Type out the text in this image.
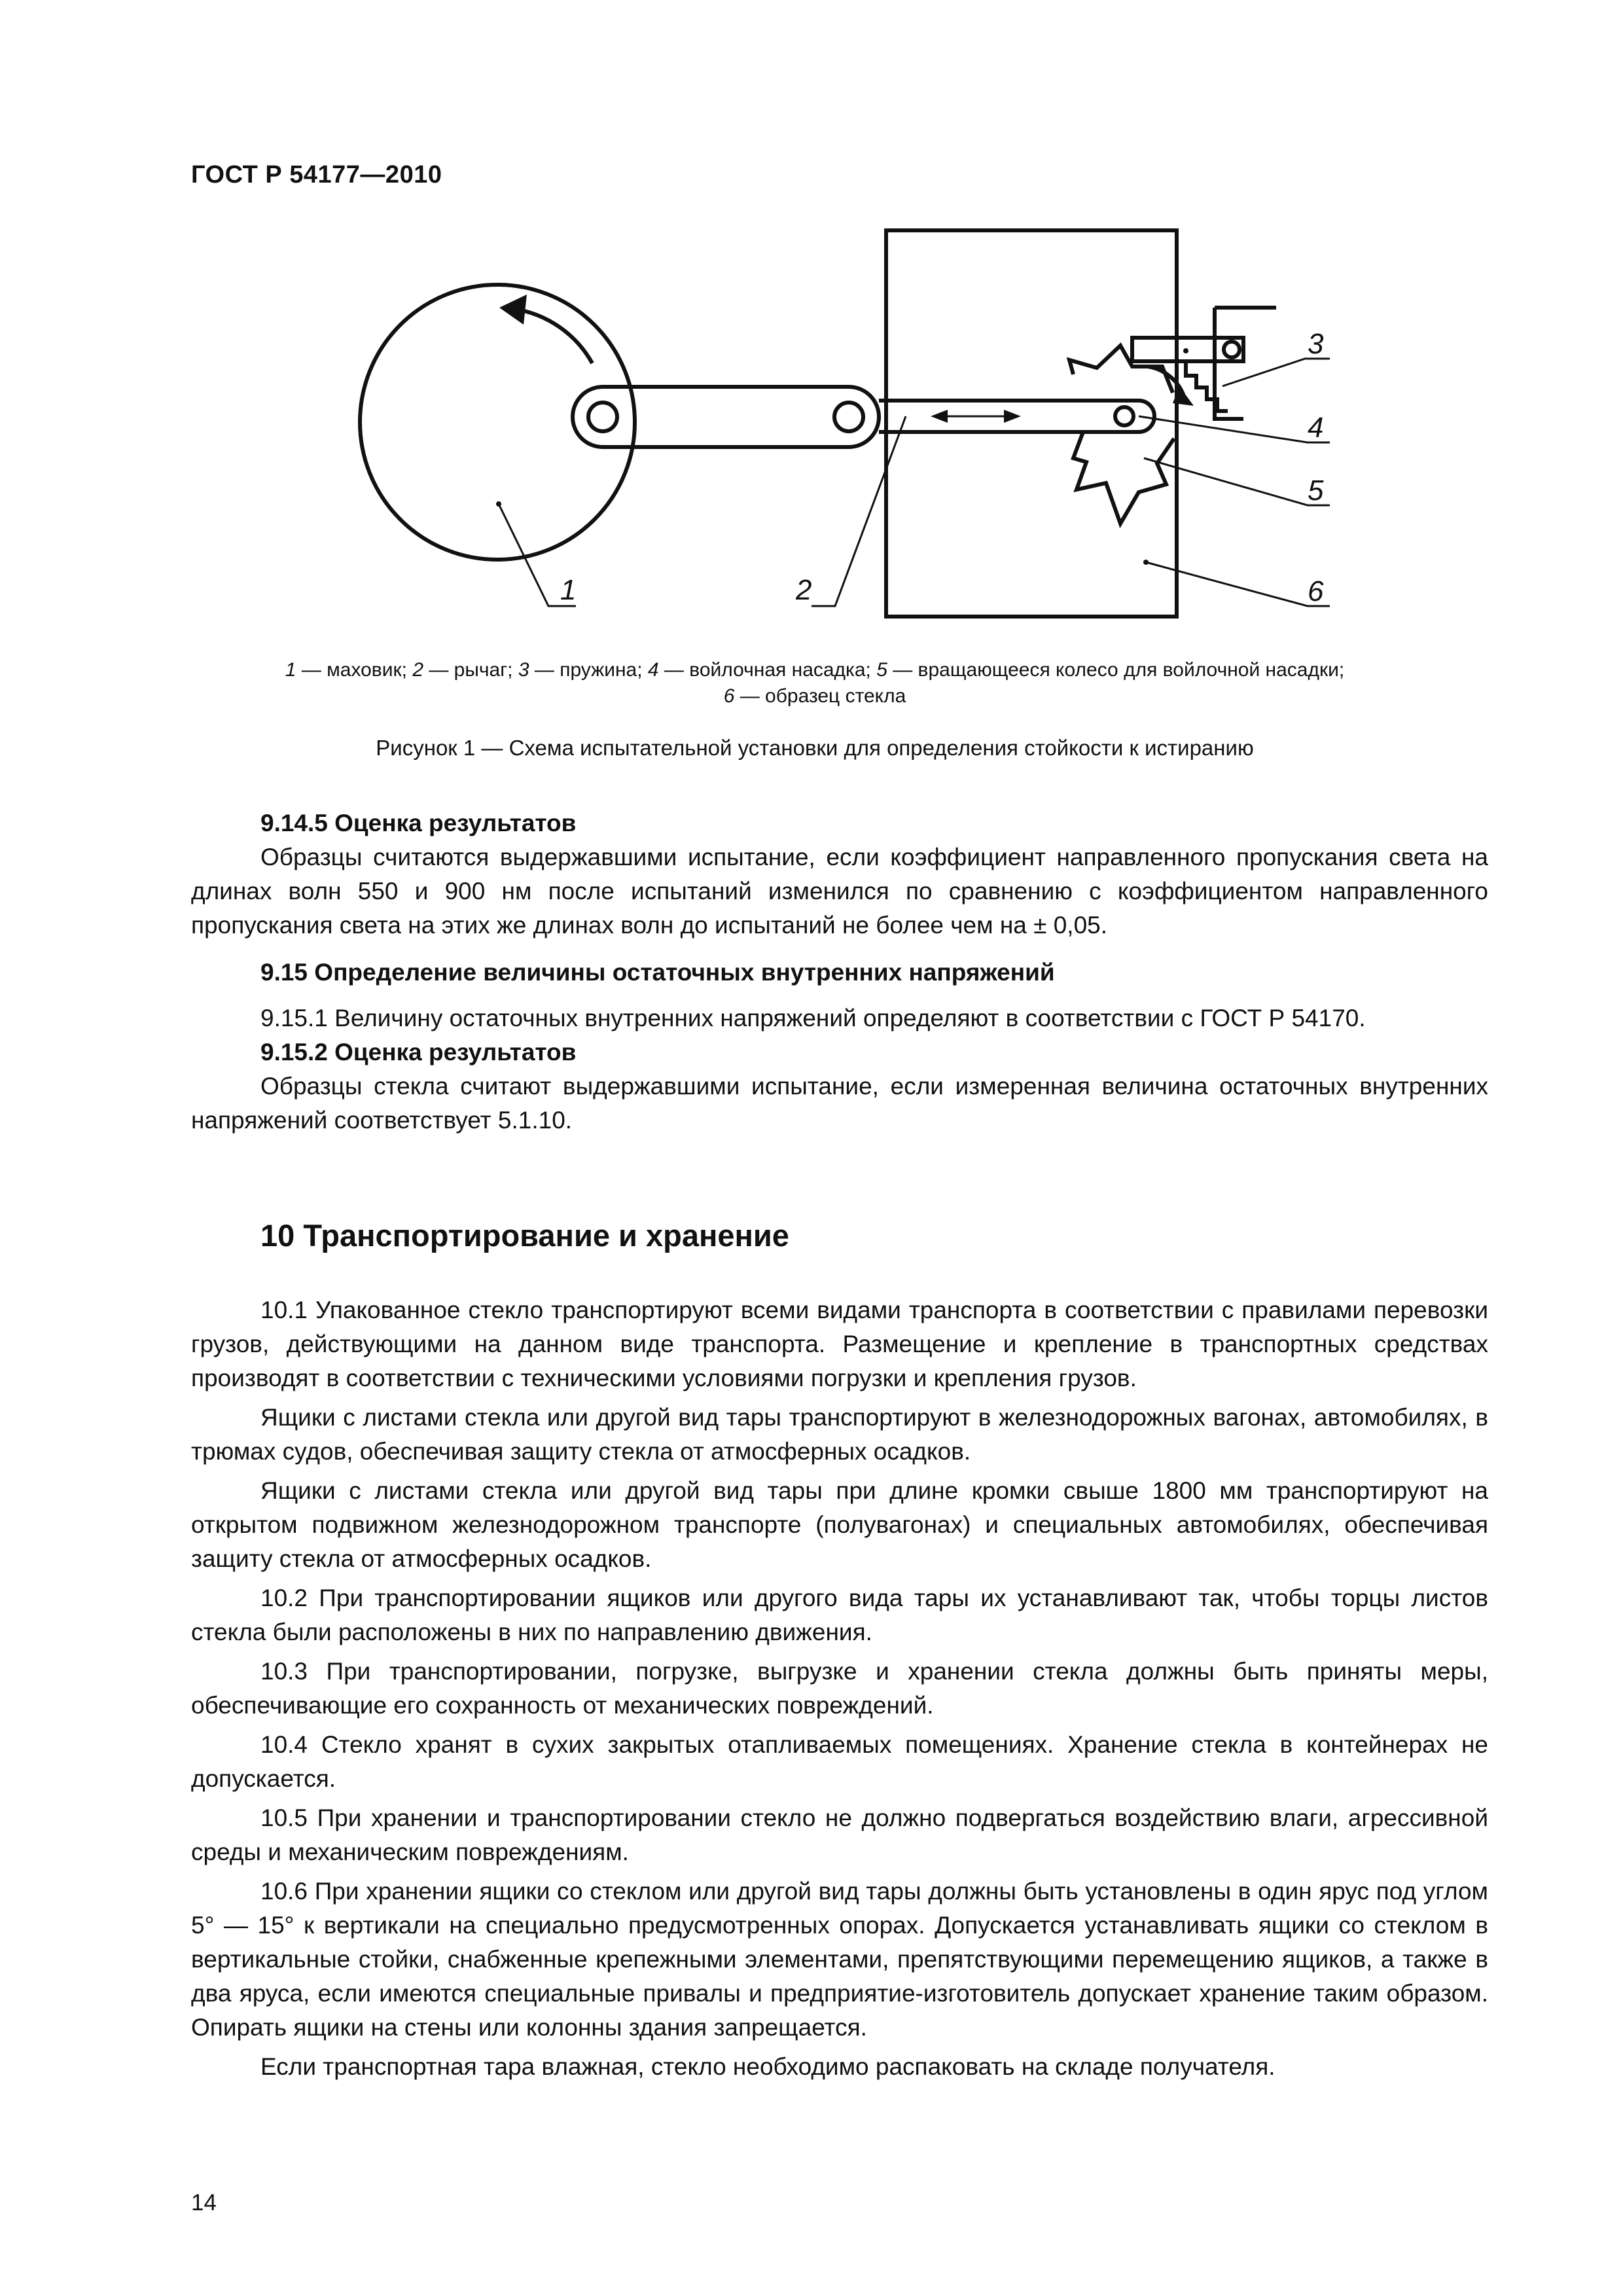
ГОСТ Р 54177—2010
1	2
3
4
5
6
1 — маховик; 2 — рычаг; 3 — пружина; 4 — войлочная насадка; 5 — вращающееся колесо для войлочной насадки;
6 — образец стекла
Рисунок 1 — Схема испытательной установки для определения стойкости к истиранию

9.14.5 Оценка результатов

Образцы считаются выдержавшими испытание, если коэффициент направленного пропускания света на длинах волн 550 и 900 нм после испытаний изменился по сравнению с коэффициентом направленного пропускания света на этих же длинах волн до испытаний не более чем на ± 0,05.

9.15 Определение величины остаточных внутренних напряжений

9.15.1 Величину остаточных внутренних напряжений определяют в соответствии с ГОСТ Р 54170.

9.15.2 Оценка результатов

Образцы стекла считают выдержавшими испытание, если измеренная величина остаточных внутренних напряжений соответствует 5.1.10.

10 Транспортирование и хранение

10.1 Упакованное стекло транспортируют всеми видами транспорта в соответствии с правилами перевозки грузов, действующими на данном виде транспорта. Размещение и крепление в транспортных средствах производят в соответствии с техническими условиями погрузки и крепления грузов.

Ящики с листами стекла или другой вид тары транспортируют в железнодорожных вагонах, автомобилях, в трюмах судов, обеспечивая защиту стекла от атмосферных осадков.

Ящики с листами стекла или другой вид тары при длине кромки свыше 1800 мм транспортируют на открытом подвижном железнодорожном транспорте (полувагонах) и специальных автомобилях, обеспечивая защиту стекла от атмосферных осадков.

10.2 При транспортировании ящиков или другого вида тары их устанавливают так, чтобы торцы листов стекла были расположены в них по направлению движения.

10.3 При транспортировании, погрузке, выгрузке и хранении стекла должны быть приняты меры, обеспечивающие его сохранность от механических повреждений.

10.4 Стекло хранят в сухих закрытых отапливаемых помещениях. Хранение стекла в контейнерах не допускается.

10.5 При хранении и транспортировании стекло не должно подвергаться воздействию влаги, агрессивной среды и механическим повреждениям.

10.6 При хранении ящики со стеклом или другой вид тары должны быть установлены в один ярус под углом 5° — 15° к вертикали на специально предусмотренных опорах. Допускается устанавливать ящики со стеклом в вертикальные стойки, снабженные крепежными элементами, препятствующими перемещению ящиков, а также в два яруса, если имеются специальные привалы и предприятие-изготовитель допускает хранение таким образом. Опирать ящики на стены или колонны здания запрещается.

Если транспортная тара влажная, стекло необходимо распаковать на складе получателя.

14
